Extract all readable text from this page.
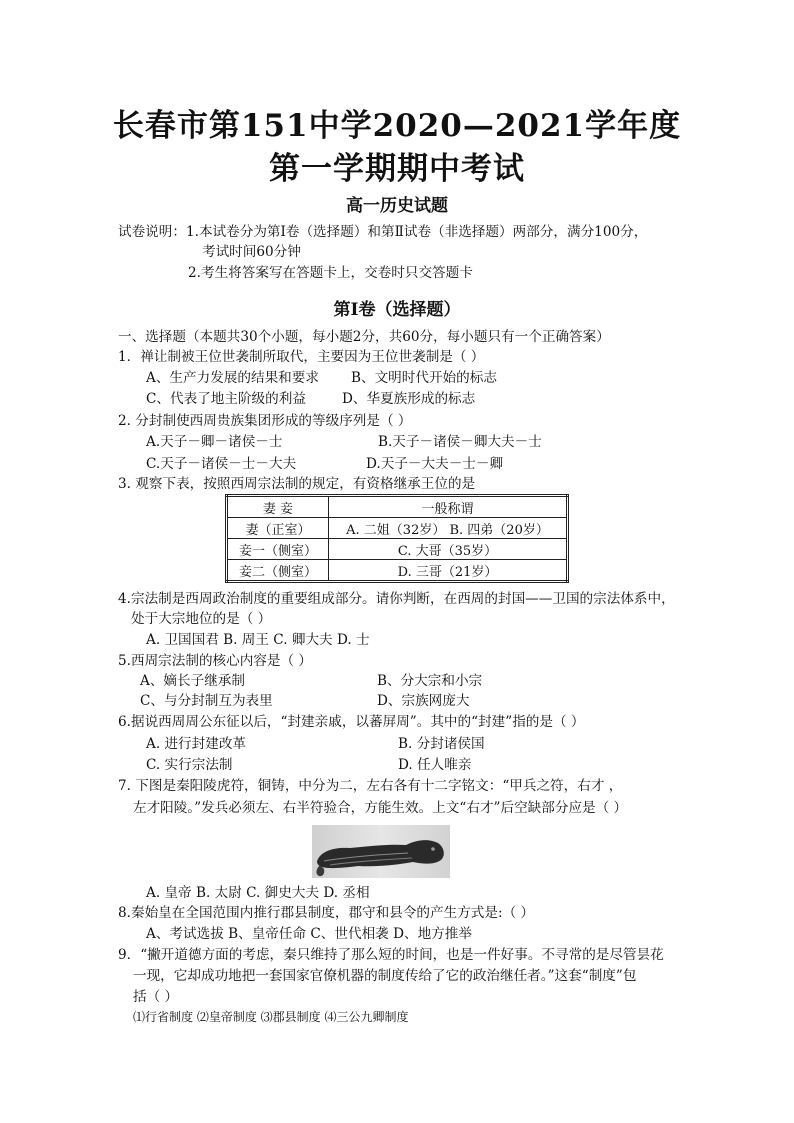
长春市第151中学2020—2021学年度
第一学期期中考试
高一历史试题
试卷说明：1.本试卷分为第Ⅰ卷（选择题）和第Ⅱ试卷（非选择题）两部分，满分100分，
考试时间60分钟
2.考生将答案写在答题卡上，交卷时只交答题卡
第Ⅰ卷（选择题）
一、选择题（本题共30个小题，每小题2分，共60分，每小题只有一个正确答案）
1．禅让制被王位世袭制所取代，主要因为王位世袭制是（ ）
A、生产力发展的结果和要求 B、文明时代开始的标志
C、代表了地主阶级的利益	D、华夏族形成的标志
2. 分封制使西周贵族集团形成的等级序列是（ ）
A.天子－卿－诸侯－士	B.天子－诸侯－卿大夫－士
C.天子－诸侯－士－大夫	D.天子－大夫－士－卿
3. 观察下表，按照西周宗法制的规定，有资格继承王位的是
妻 妾	一般称谓
妻（正室）	A. 二姐（32岁） B. 四弟（20岁）
妾一（侧室）	C. 大哥（35岁）
妾二（侧室）	D. 三哥（21岁）
4.宗法制是西周政治制度的重要组成部分。请你判断，在西周的封国——卫国的宗法体系中，
处于大宗地位的是（ ）
A. 卫国国君 B. 周王 C. 卿大夫 D. 士
5.西周宗法制的核心内容是（ ）
A、嫡长子继承制	B、分大宗和小宗
C、与分封制互为表里	D、宗族网庞大
6.据说西周周公东征以后，“封建亲戚，以蕃屏周”。其中的“封建”指的是（ ）
A. 进行封建改革	B. 分封诸侯国
C. 实行宗法制	D. 任人唯亲
7. 下图是秦阳陵虎符，铜铸，中分为二，左右各有十二字铭文：“甲兵之符，右才 ，
左才阳陵。”发兵必须左、右半符验合，方能生效。上文“右才”后空缺部分应是（ ）
A. 皇帝 B. 太尉 C. 御史大夫 D. 丞相
8.秦始皇在全国范围内推行郡县制度，郡守和县令的产生方式是:（ ）
A、考试选拔 B、皇帝任命 C、世代相袭 D、地方推举
9．“撇开道德方面的考虑，秦只维持了那么短的时间，也是一件好事。不寻常的是尽管昙花
一现，它却成功地把一套国家官僚机器的制度传给了它的政治继任者。”这套“制度”包
括（ ）
⑴行省制度 ⑵皇帝制度 ⑶郡县制度 ⑷三公九卿制度
